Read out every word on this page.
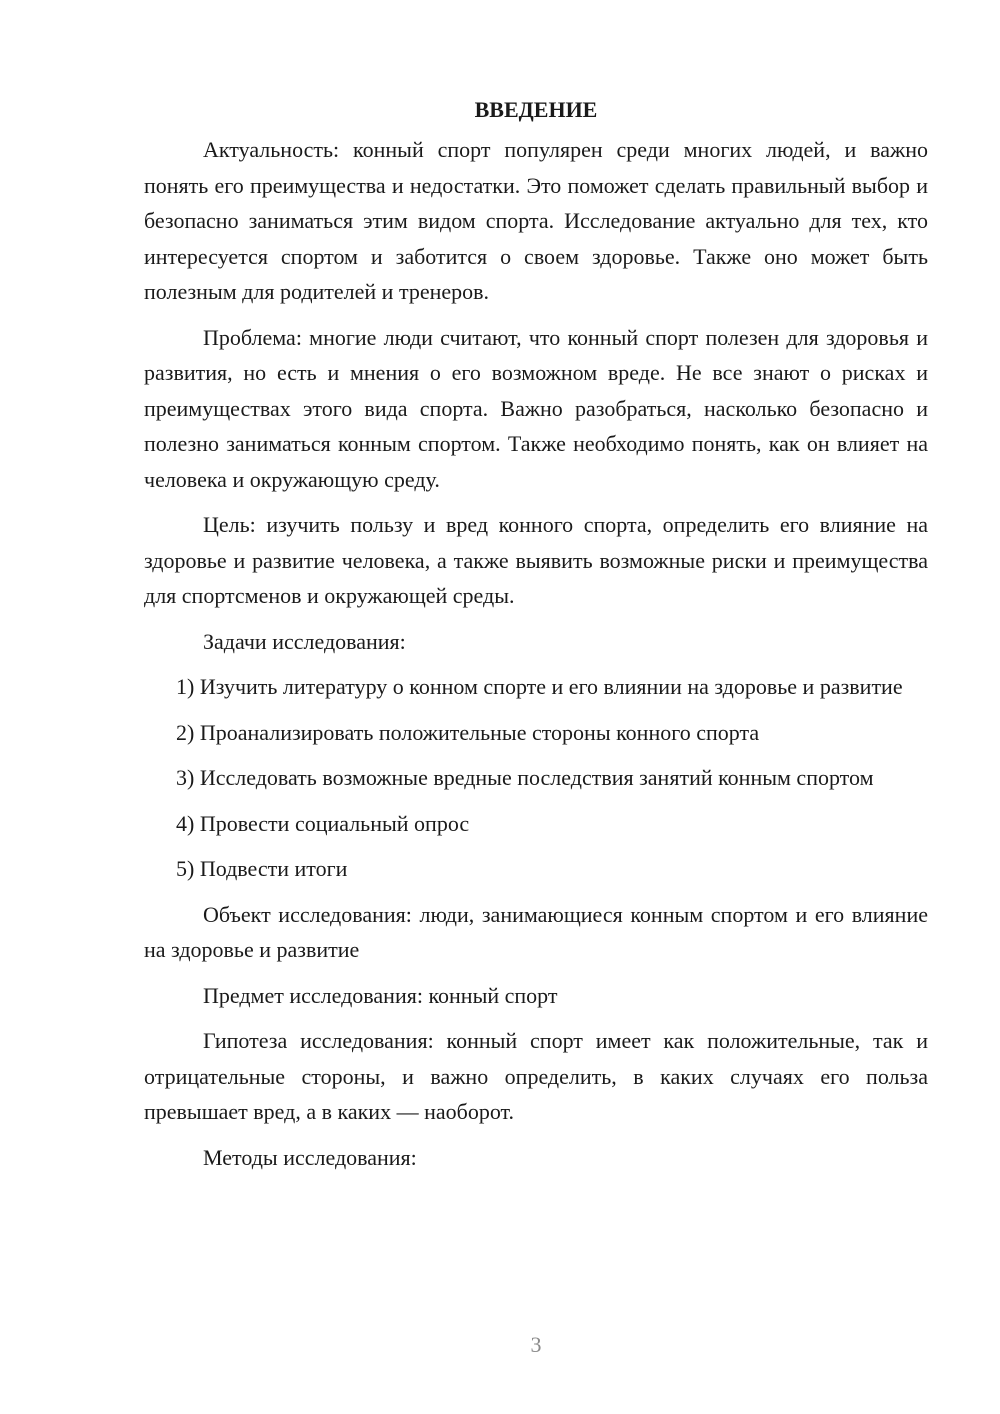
ВВЕДЕНИЕ

Актуальность: конный спорт популярен среди многих людей, и важно понять его преимущества и недостатки. Это поможет сделать правильный выбор и безопасно заниматься этим видом спорта. Исследование актуально для тех, кто интересуется спортом и заботится о своем здоровье. Также оно может быть полезным для родителей и тренеров.

Проблема: многие люди считают, что конный спорт полезен для здоровья и развития, но есть и мнения о его возможном вреде. Не все знают о рисках и преимуществах этого вида спорта. Важно разобраться, насколько безопасно и полезно заниматься конным спортом. Также необходимо понять, как он влияет на человека и окружающую среду.

Цель: изучить пользу и вред конного спорта, определить его влияние на здоровье и развитие человека, а также выявить возможные риски и преимущества для спортсменов и окружающей среды.

Задачи исследования:

1) Изучить литературу о конном спорте и его влиянии на здоровье и развитие

2) Проанализировать положительные стороны конного спорта

3) Исследовать возможные вредные последствия занятий конным спортом

4) Провести социальный опрос

5) Подвести итоги

Объект исследования: люди, занимающиеся конным спортом и его влияние на здоровье и развитие

Предмет исследования: конный спорт

Гипотеза исследования: конный спорт имеет как положительные, так и отрицательные стороны, и важно определить, в каких случаях его польза превышает вред, а в каких — наоборот.

Методы исследования:

3
